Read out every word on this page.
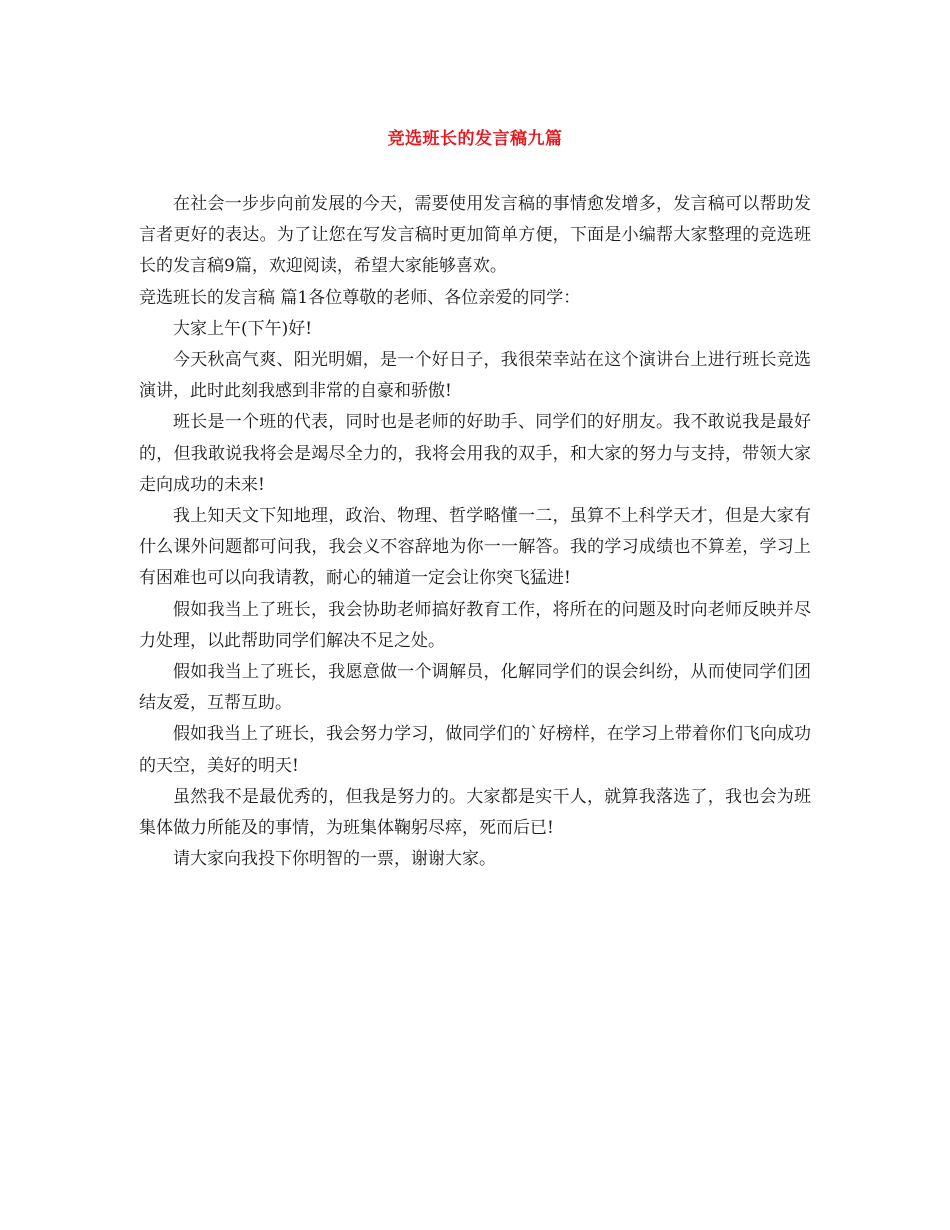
竞选班长的发言稿九篇

在社会一步步向前发展的今天，需要使用发言稿的事情愈发增多，发言稿可以帮助发言者更好的表达。为了让您在写发言稿时更加简单方便，下面是小编帮大家整理的竞选班长的发言稿9篇，欢迎阅读，希望大家能够喜欢。

竞选班长的发言稿 篇1各位尊敬的老师、各位亲爱的同学：

大家上午(下午)好!

今天秋高气爽、阳光明媚，是一个好日子，我很荣幸站在这个演讲台上进行班长竞选演讲，此时此刻我感到非常的自豪和骄傲!

班长是一个班的代表，同时也是老师的好助手、同学们的好朋友。我不敢说我是最好的，但我敢说我将会是竭尽全力的，我将会用我的双手，和大家的努力与支持，带领大家走向成功的未来!

我上知天文下知地理，政治、物理、哲学略懂一二，虽算不上科学天才，但是大家有什么课外问题都可问我，我会义不容辞地为你一一解答。我的学习成绩也不算差，学习上有困难也可以向我请教，耐心的辅道一定会让你突飞猛进!

假如我当上了班长，我会协助老师搞好教育工作，将所在的问题及时向老师反映并尽力处理，以此帮助同学们解决不足之处。

假如我当上了班长，我愿意做一个调解员，化解同学们的误会纠纷，从而使同学们团结友爱，互帮互助。

假如我当上了班长，我会努力学习，做同学们的`好榜样，在学习上带着你们飞向成功的天空，美好的明天!

虽然我不是最优秀的，但我是努力的。大家都是实干人，就算我落选了，我也会为班集体做力所能及的事情，为班集体鞠躬尽瘁，死而后已!

请大家向我投下你明智的一票，谢谢大家。
